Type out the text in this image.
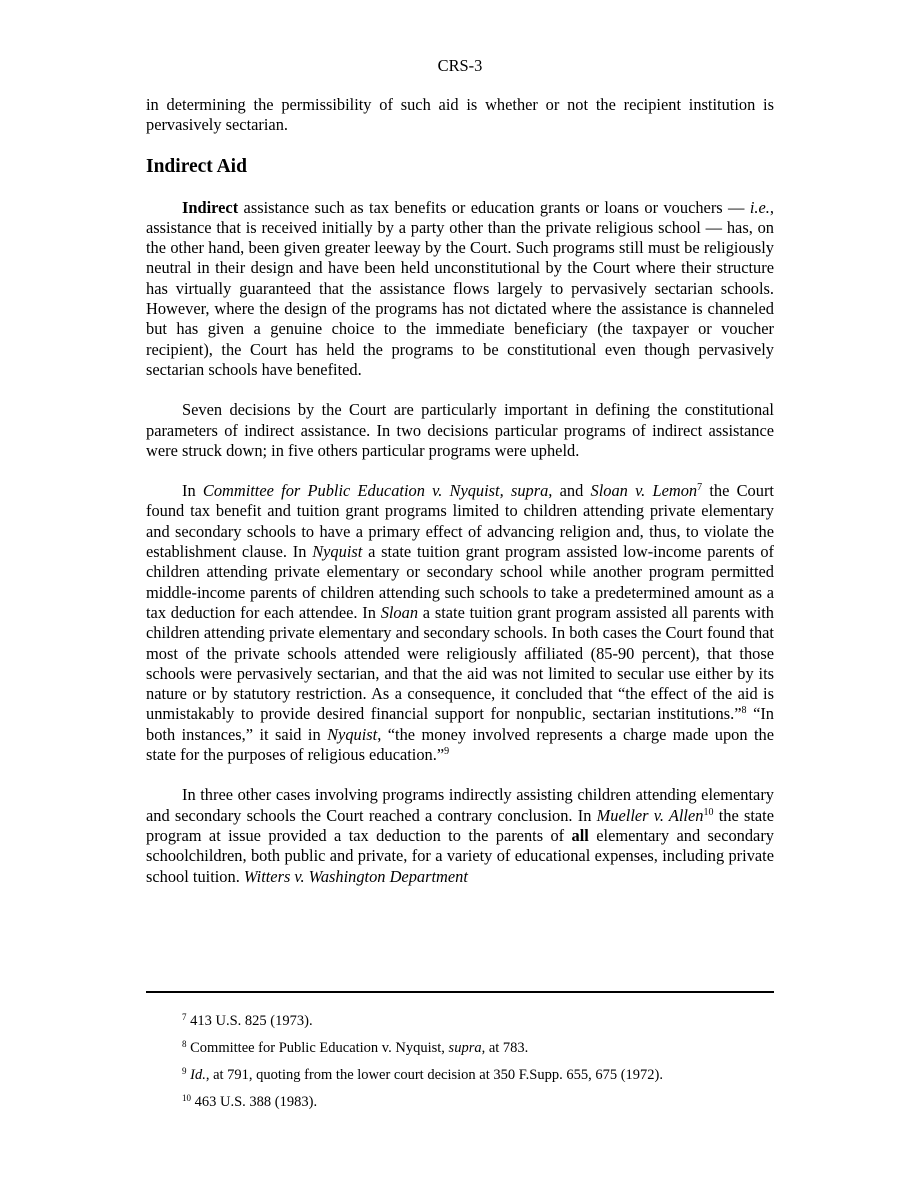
CRS-3

in determining the permissibility of such aid is whether or not the recipient institution is pervasively sectarian.

Indirect Aid

Indirect assistance such as tax benefits or education grants or loans or vouchers — i.e., assistance that is received initially by a party other than the private religious school — has, on the other hand, been given greater leeway by the Court. Such programs still must be religiously neutral in their design and have been held unconstitutional by the Court where their structure has virtually guaranteed that the assistance flows largely to pervasively sectarian schools. However, where the design of the programs has not dictated where the assistance is channeled but has given a genuine choice to the immediate beneficiary (the taxpayer or voucher recipient), the Court has held the programs to be constitutional even though pervasively sectarian schools have benefited.

Seven decisions by the Court are particularly important in defining the constitutional parameters of indirect assistance. In two decisions particular programs of indirect assistance were struck down; in five others particular programs were upheld.

In Committee for Public Education v. Nyquist, supra, and Sloan v. Lemon$^7$ the Court found tax benefit and tuition grant programs limited to children attending private elementary and secondary schools to have a primary effect of advancing religion and, thus, to violate the establishment clause. In Nyquist a state tuition grant program assisted low-income parents of children attending private elementary or secondary school while another program permitted middle-income parents of children attending such schools to take a predetermined amount as a tax deduction for each attendee. In Sloan a state tuition grant program assisted all parents with children attending private elementary and secondary schools. In both cases the Court found that most of the private schools attended were religiously affiliated (85-90 percent), that those schools were pervasively sectarian, and that the aid was not limited to secular use either by its nature or by statutory restriction. As a consequence, it concluded that “the effect of the aid is unmistakably to provide desired financial support for nonpublic, sectarian institutions.”$^8$ “In both instances,” it said in Nyquist, “the money involved represents a charge made upon the state for the purposes of religious education.”$^9$

In three other cases involving programs indirectly assisting children attending elementary and secondary schools the Court reached a contrary conclusion. In Mueller v. Allen$^{10}$ the state program at issue provided a tax deduction to the parents of all elementary and secondary schoolchildren, both public and private, for a variety of educational expenses, including private school tuition. Witters v. Washington Department

$^7$ 413 U.S. 825 (1973).

$^8$ Committee for Public Education v. Nyquist, supra, at 783.

$^9$ Id., at 791, quoting from the lower court decision at 350 F.Supp. 655, 675 (1972).

$^{10}$ 463 U.S. 388 (1983).
